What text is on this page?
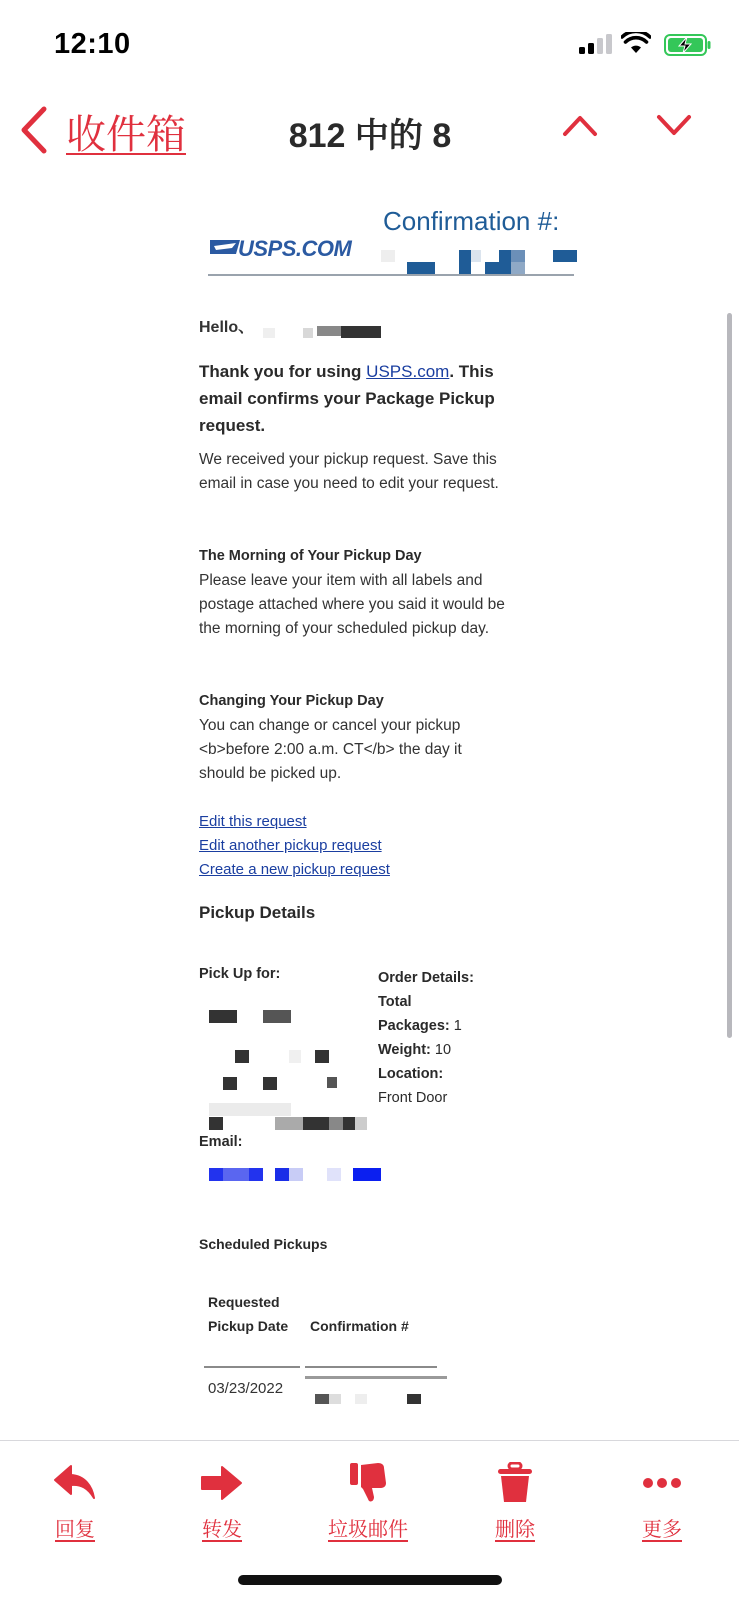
12:10
收件箱	812 中的 8
USPS.COM
Confirmation #:
Hello、
Thank you for using USPS.com. This email confirms your Package Pickup request.
We received your pickup request. Save this email in case you need to edit your request.
The Morning of Your Pickup Day
Please leave your item with all labels and postage attached where you said it would be the morning of your scheduled pickup day.
Changing Your Pickup Day
You can change or cancel your pickup <b>before 2:00 a.m. CT</b> the day it should be picked up.
Edit this request
Edit another pickup request
Create a new pickup request
Pickup Details
Pick Up for:
Email:
Order Details:
Total Packages: 1
Weight: 10
Location:
Front Door
Scheduled Pickups
Requested Pickup Date	Confirmation #
03/23/2022
回复	转发	垃圾邮件	删除	更多
